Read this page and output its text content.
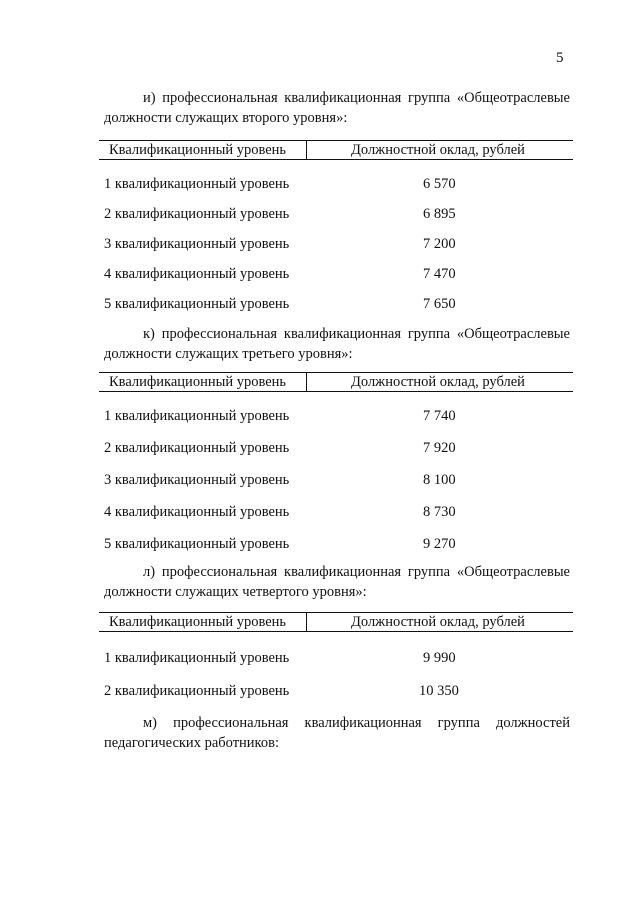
5
и) профессиональная квалификационная группа «Общеотраслевые
должности служащих второго уровня»:
Квалификационный уровень	Должностной оклад, рублей
1 квалификационный уровень	6 570
2 квалификационный уровень	6 895
3 квалификационный уровень	7 200
4 квалификационный уровень	7 470
5 квалификационный уровень	7 650
к) профессиональная квалификационная группа «Общеотраслевые
должности служащих третьего уровня»:
Квалификационный уровень	Должностной оклад, рублей
1 квалификационный уровень	7 740
2 квалификационный уровень	7 920
3 квалификационный уровень	8 100
4 квалификационный уровень	8 730
5 квалификационный уровень	9 270
л) профессиональная квалификационная группа «Общеотраслевые
должности служащих четвертого уровня»:
Квалификационный уровень	Должностной оклад, рублей
1 квалификационный уровень	9 990
2 квалификационный уровень	10 350
м) профессиональная квалификационная группа должностей
педагогических работников:
